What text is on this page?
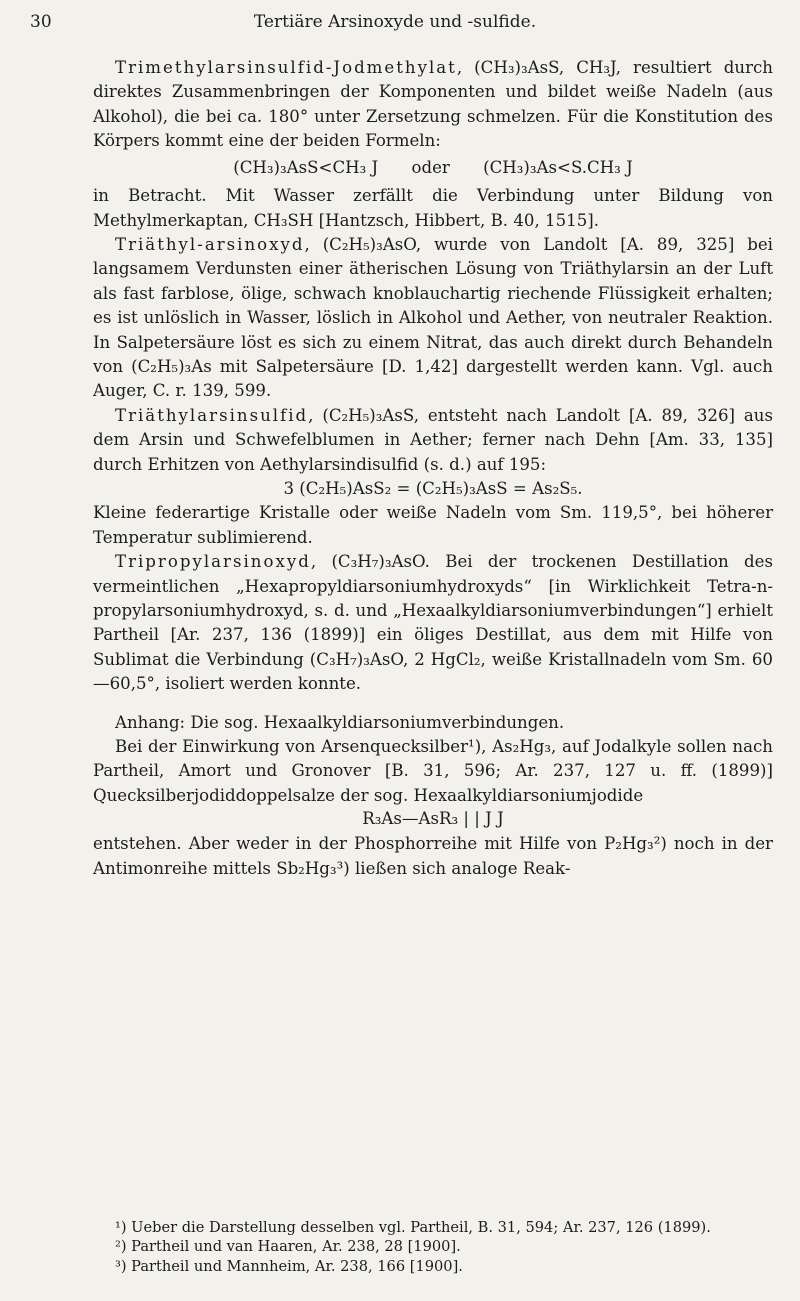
30	Tertiäre Arsinoxyde und -sulfide.

Trimethylarsinsulfid-Jodmethylat, (CH₃)₃AsS, CH₃J, resultiert durch direktes Zusammenbringen der Komponenten und bildet weiße Nadeln (aus Alkohol), die bei ca. 180° unter Zersetzung schmelzen. Für die Konstitution des Körpers kommt eine der beiden Formeln:

(CH₃)₃AsS<CH₃ J oder (CH₃)₃As<S.CH₃ J

in Betracht. Mit Wasser zerfällt die Verbindung unter Bildung von Methylmerkaptan, CH₃SH [Hantzsch, Hibbert, B. 40, 1515].

Triäthyl-arsinoxyd, (C₂H₅)₃AsO, wurde von Landolt [A. 89, 325] bei langsamem Verdunsten einer ätherischen Lösung von Triäthylarsin an der Luft als fast farblose, ölige, schwach knoblauchartig riechende Flüssigkeit erhalten; es ist unlöslich in Wasser, löslich in Alkohol und Aether, von neutraler Reaktion. In Salpetersäure löst es sich zu einem Nitrat, das auch direkt durch Behandeln von (C₂H₅)₃As mit Salpetersäure [D. 1,42] dargestellt werden kann. Vgl. auch Auger, C. r. 139, 599.

Triäthylarsinsulfid, (C₂H₅)₃AsS, entsteht nach Landolt [A. 89, 326] aus dem Arsin und Schwefelblumen in Aether; ferner nach Dehn [Am. 33, 135] durch Erhitzen von Aethylarsindisulfid (s. d.) auf 195:

3 (C₂H₅)AsS₂ = (C₂H₅)₃AsS = As₂S₅.

Kleine federartige Kristalle oder weiße Nadeln vom Sm. 119,5°, bei höherer Temperatur sublimierend.

Tripropylarsinoxyd, (C₃H₇)₃AsO. Bei der trockenen Destillation des vermeintlichen „Hexapropyldiarsoniumhydroxyds“ [in Wirklichkeit Tetra-n-propylarsoniumhydroxyd, s. d. und „Hexaalkyldiarsoniumverbindungen“] erhielt Partheil [Ar. 237, 136 (1899)] ein öliges Destillat, aus dem mit Hilfe von Sublimat die Verbindung (C₃H₇)₃AsO, 2 HgCl₂, weiße Kristallnadeln vom Sm. 60—60,5°, isoliert werden konnte.

Anhang: Die sog. Hexaalkyldiarsoniumverbindungen.

Bei der Einwirkung von Arsenquecksilber¹), As₂Hg₃, auf Jodalkyle sollen nach Partheil, Amort und Gronover [B. 31, 596; Ar. 237, 127 u. ff. (1899)] Quecksilberjodiddoppelsalze der sog. Hexaalkyldiarsoniumjodide

R₃As—AsR₃ | | J J

entstehen. Aber weder in der Phosphorreihe mit Hilfe von P₂Hg₃²) noch in der Antimonreihe mittels Sb₂Hg₃³) ließen sich analoge Reak-

¹) Ueber die Darstellung desselben vgl. Partheil, B. 31, 594; Ar. 237, 126 (1899).
²) Partheil und van Haaren, Ar. 238, 28 [1900].
³) Partheil und Mannheim, Ar. 238, 166 [1900].
